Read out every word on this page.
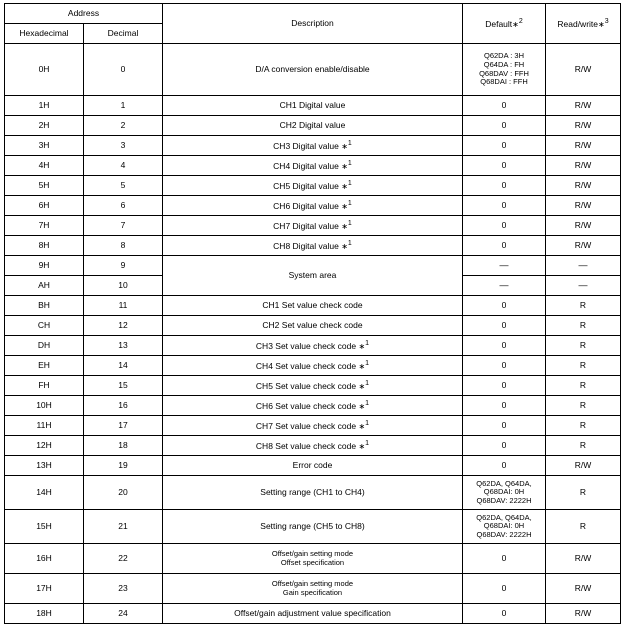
Address		Description	Default∗$^2$	Read/write∗$^3$
Hexadecimal	Decimal			
0H	0	D/A conversion enable/disable	Q62DA : 3H
Q64DA : FH
Q68DAV : FFH
Q68DAI : FFH	R/W
1H	1	CH1 Digital value	0	R/W
2H	2	CH2 Digital value	0	R/W
3H	3	CH3 Digital value ∗$^1$	0	R/W
4H	4	CH4 Digital value ∗$^1$	0	R/W
5H	5	CH5 Digital value ∗$^1$	0	R/W
6H	6	CH6 Digital value ∗$^1$	0	R/W
7H	7	CH7 Digital value ∗$^1$	0	R/W
8H	8	CH8 Digital value ∗$^1$	0	R/W
9H	9	System area	—	—
AH	10		—	—
BH	11	CH1 Set value check code	0	R
CH	12	CH2 Set value check code	0	R
DH	13	CH3 Set value check code ∗$^1$	0	R
EH	14	CH4 Set value check code ∗$^1$	0	R
FH	15	CH5 Set value check code ∗$^1$	0	R
10H	16	CH6 Set value check code ∗$^1$	0	R
11H	17	CH7 Set value check code ∗$^1$	0	R
12H	18	CH8 Set value check code ∗$^1$	0	R
13H	19	Error code	0	R/W
14H	20	Setting range (CH1 to CH4)	Q62DA, Q64DA,
Q68DAI: 0H
Q68DAV: 2222H	R
15H	21	Setting range (CH5 to CH8)	Q62DA, Q64DA,
Q68DAI: 0H
Q68DAV: 2222H	R
16H	22	Offset/gain setting mode
Offset specification	0	R/W
17H	23	Offset/gain setting mode
Gain specification	0	R/W
18H	24	Offset/gain adjustment value specification	0	R/W
